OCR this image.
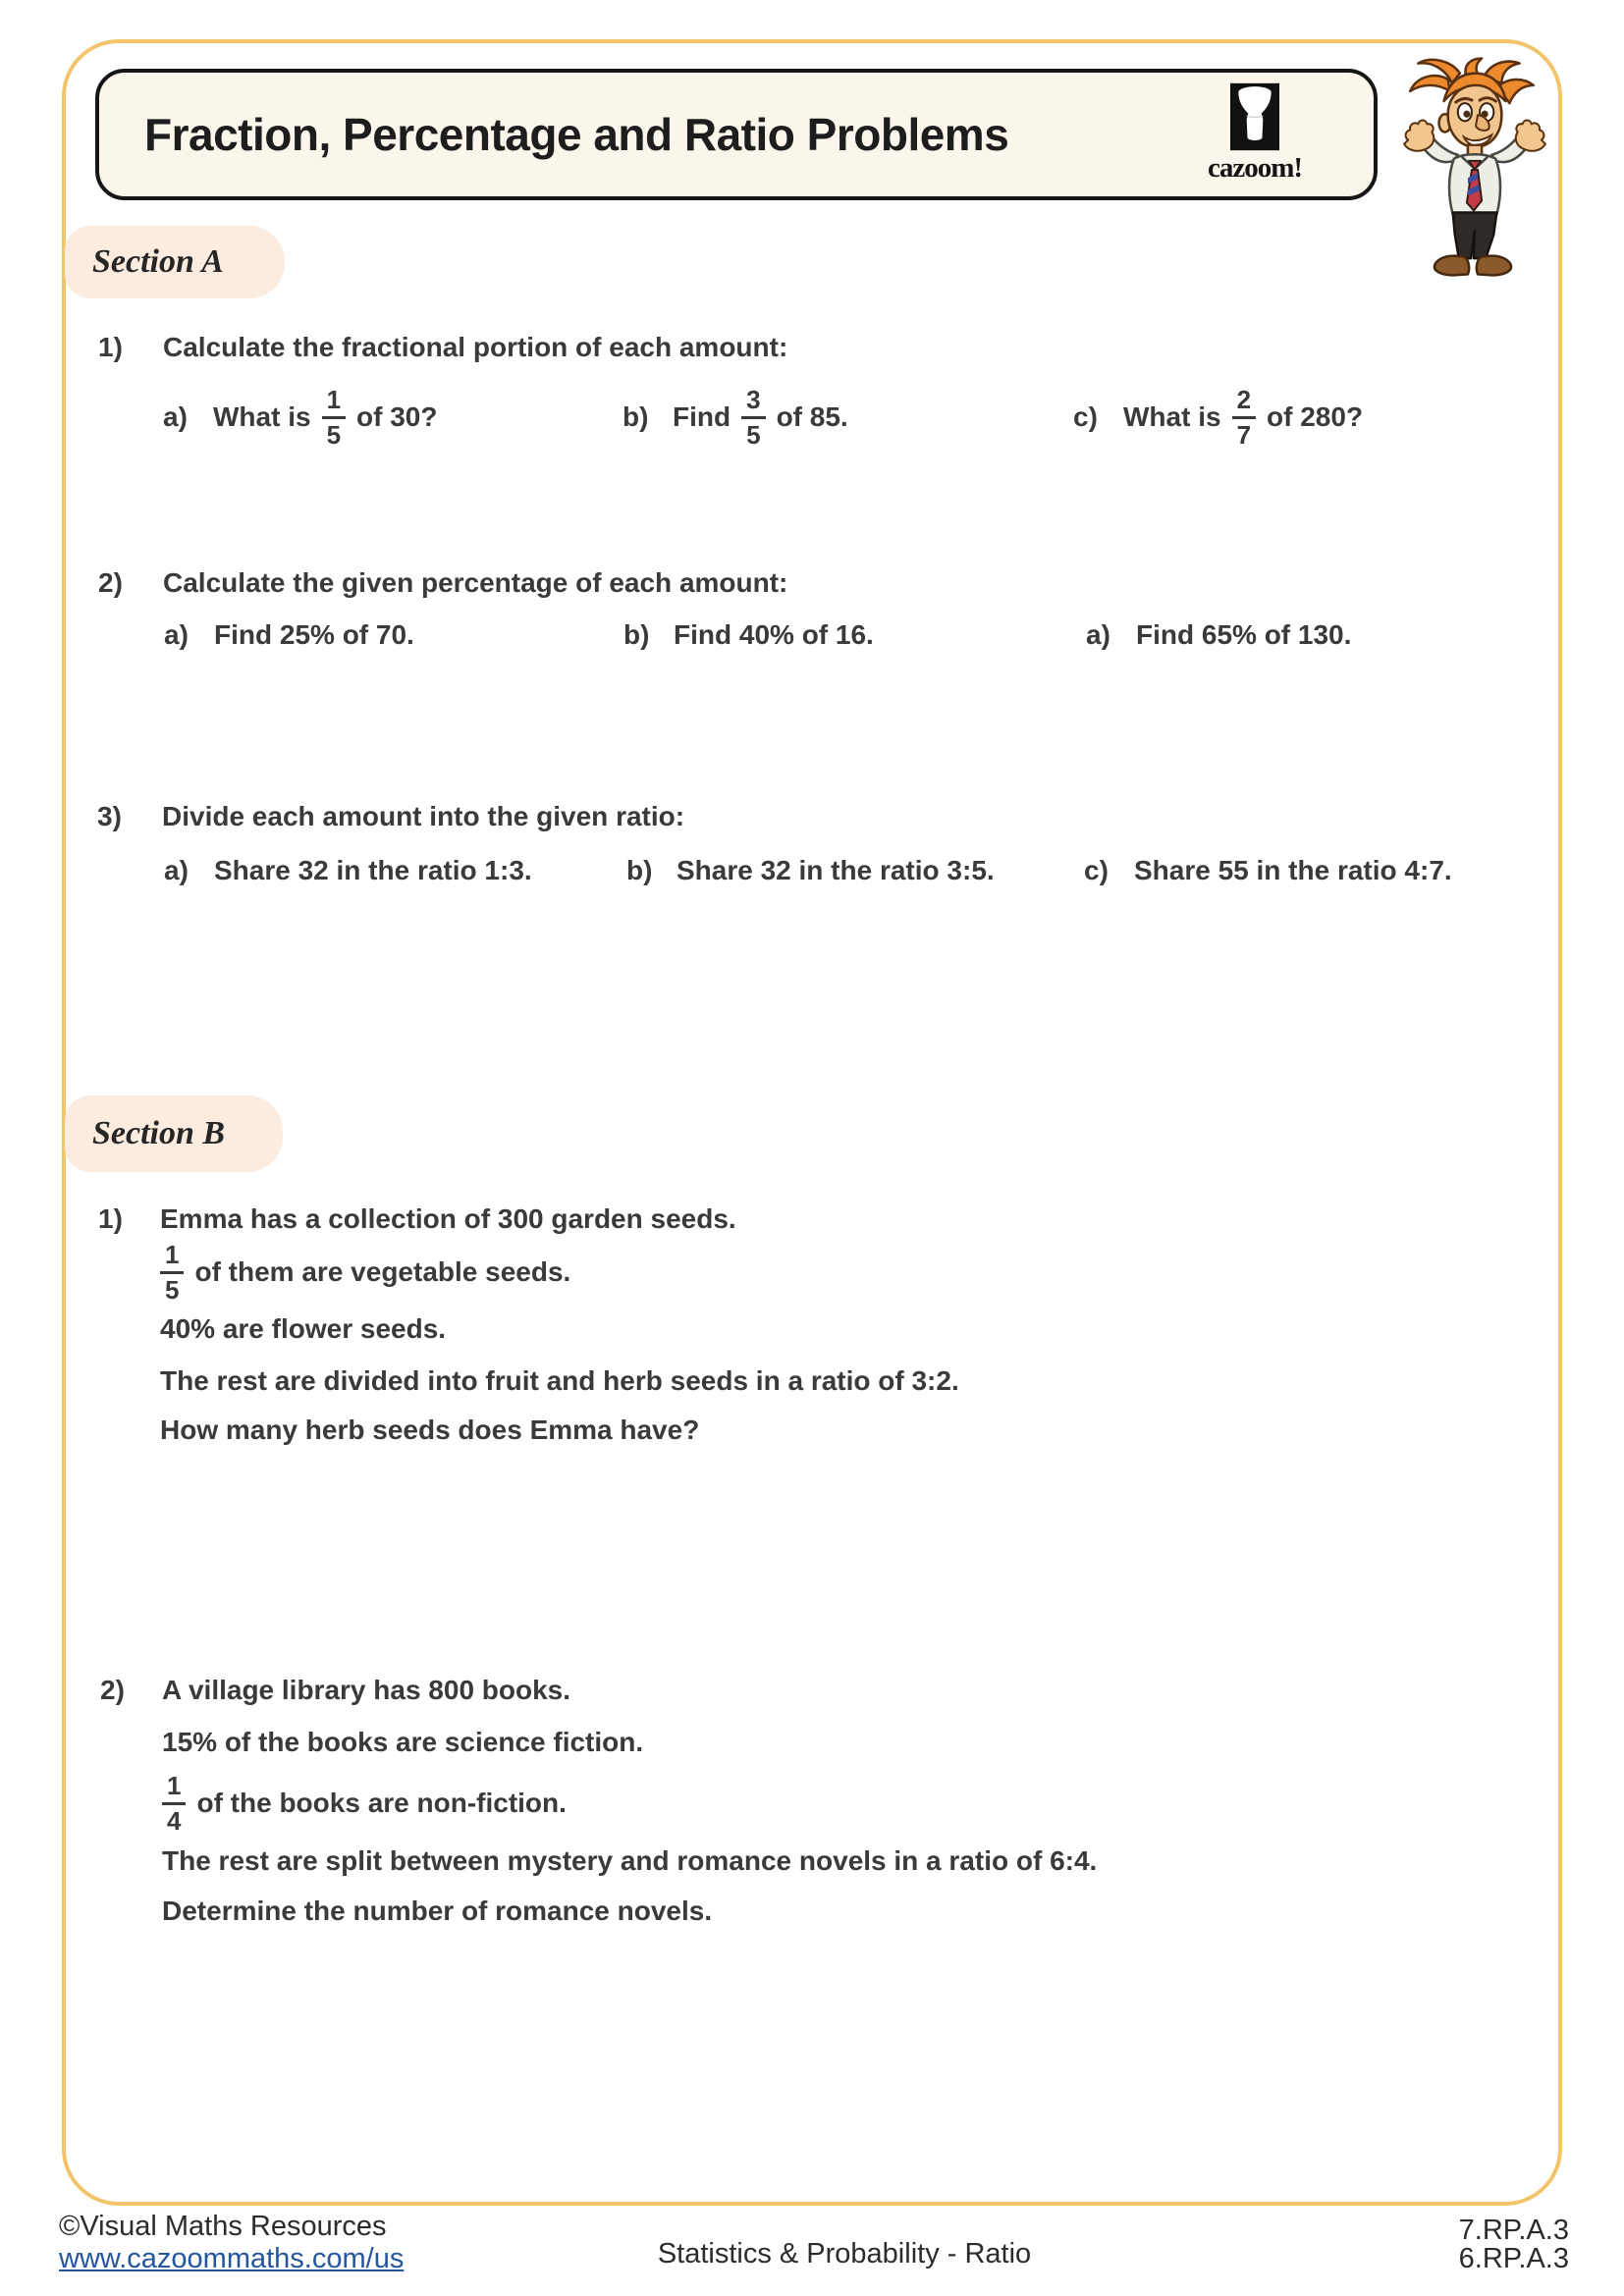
Fraction, Percentage and Ratio Problems
cazoom!
Section A
1)	Calculate the fractional portion of each amount:
a) What is $\frac{1}{5}$ of 30?	b) Find $\frac{3}{5}$ of 85.	c) What is $\frac{2}{7}$ of 280?
2)	Calculate the given percentage of each amount:
a) Find 25% of 70.	b) Find 40% of 16.	a) Find 65% of 130.
3)	Divide each amount into the given ratio:
a) Share 32 in the ratio 1:3.	b) Share 32 in the ratio 3:5.	c) Share 55 in the ratio 4:7.
Section B
1)	Emma has a collection of 300 garden seeds.
$\frac{1}{5}$ of them are vegetable seeds.
40% are flower seeds.
The rest are divided into fruit and herb seeds in a ratio of 3:2.
How many herb seeds does Emma have?
2)	A village library has 800 books.
15% of the books are science fiction.
$\frac{1}{4}$ of the books are non-fiction.
The rest are split between mystery and romance novels in a ratio of 6:4.
Determine the number of romance novels.
©Visual Maths Resources
www.cazoommaths.com/us	Statistics & Probability - Ratio
7.RP.A.3
6.RP.A.3
